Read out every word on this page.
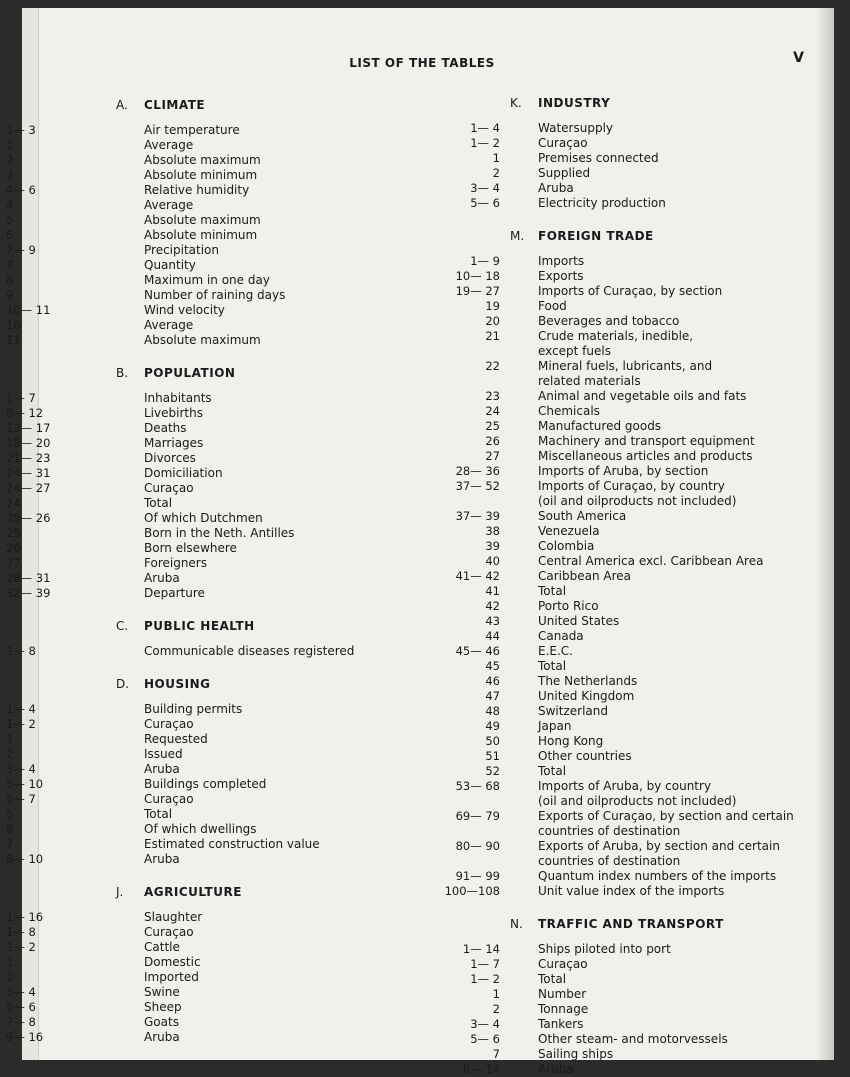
LIST OF THE TABLES	V
A.	CLIMATE
1— 3	Air temperature
1	Average
2	Absolute maximum
3	Absolute minimum
4— 6	Relative humidity
4	Average
5	Absolute maximum
6	Absolute minimum
7— 9	Precipitation
7	Quantity
8	Maximum in one day
9	Number of raining days
10— 11	Wind velocity
10	Average
11	Absolute maximum
B.	POPULATION
1— 7	Inhabitants
8— 12	Livebirths
13— 17	Deaths
18— 20	Marriages
21— 23	Divorces
24— 31	Domiciliation
24— 27	Curaçao
24	Total
25— 26	Of which Dutchmen
25	Born in the Neth. Antilles
26	Born elsewhere
27	Foreigners
28— 31	Aruba
32— 39	Departure
C.	PUBLIC HEALTH
1— 8	Communicable diseases registered
D.	HOUSING
1— 4	Building permits
1— 2	Curaçao
1	Requested
2	Issued
3— 4	Aruba
5— 10	Buildings completed
5— 7	Curaçao
5	Total
6	Of which dwellings
7	Estimated construction value
8— 10	Aruba
J.	AGRICULTURE
1— 16	Slaughter
1— 8	Curaçao
1— 2	Cattle
1	Domestic
2	Imported
3— 4	Swine
5— 6	Sheep
7— 8	Goats
9— 16	Aruba
K.	INDUSTRY
1— 4	Watersupply
1— 2	Curaçao
1	Premises connected
2	Supplied
3— 4	Aruba
5— 6	Electricity production
M.	FOREIGN TRADE
1— 9	Imports
10— 18	Exports
19— 27	Imports of Curaçao, by section
19	Food
20	Beverages and tobacco
21	Crude materials, inedible,
except fuels
22	Mineral fuels, lubricants, and
related materials
23	Animal and vegetable oils and fats
24	Chemicals
25	Manufactured goods
26	Machinery and transport equipment
27	Miscellaneous articles and products
28— 36	Imports of Aruba, by section
37— 52	Imports of Curaçao, by country
(oil and oilproducts not included)
37— 39	South America
38	Venezuela
39	Colombia
40	Central America excl. Caribbean Area
41— 42	Caribbean Area
41	Total
42	Porto Rico
43	United States
44	Canada
45— 46	E.E.C.
45	Total
46	The Netherlands
47	United Kingdom
48	Switzerland
49	Japan
50	Hong Kong
51	Other countries
52	Total
53— 68	Imports of Aruba, by country
(oil and oilproducts not included)
69— 79	Exports of Curaçao, by section and certain
countries of destination
80— 90	Exports of Aruba, by section and certain
countries of destination
91— 99	Quantum index numbers of the imports
100—108	Unit value index of the imports
N.	TRAFFIC AND TRANSPORT
1— 14	Ships piloted into port
1— 7	Curaçao
1— 2	Total
1	Number
2	Tonnage
3— 4	Tankers
5— 6	Other steam- and motorvessels
7	Sailing ships
8— 14	Aruba
